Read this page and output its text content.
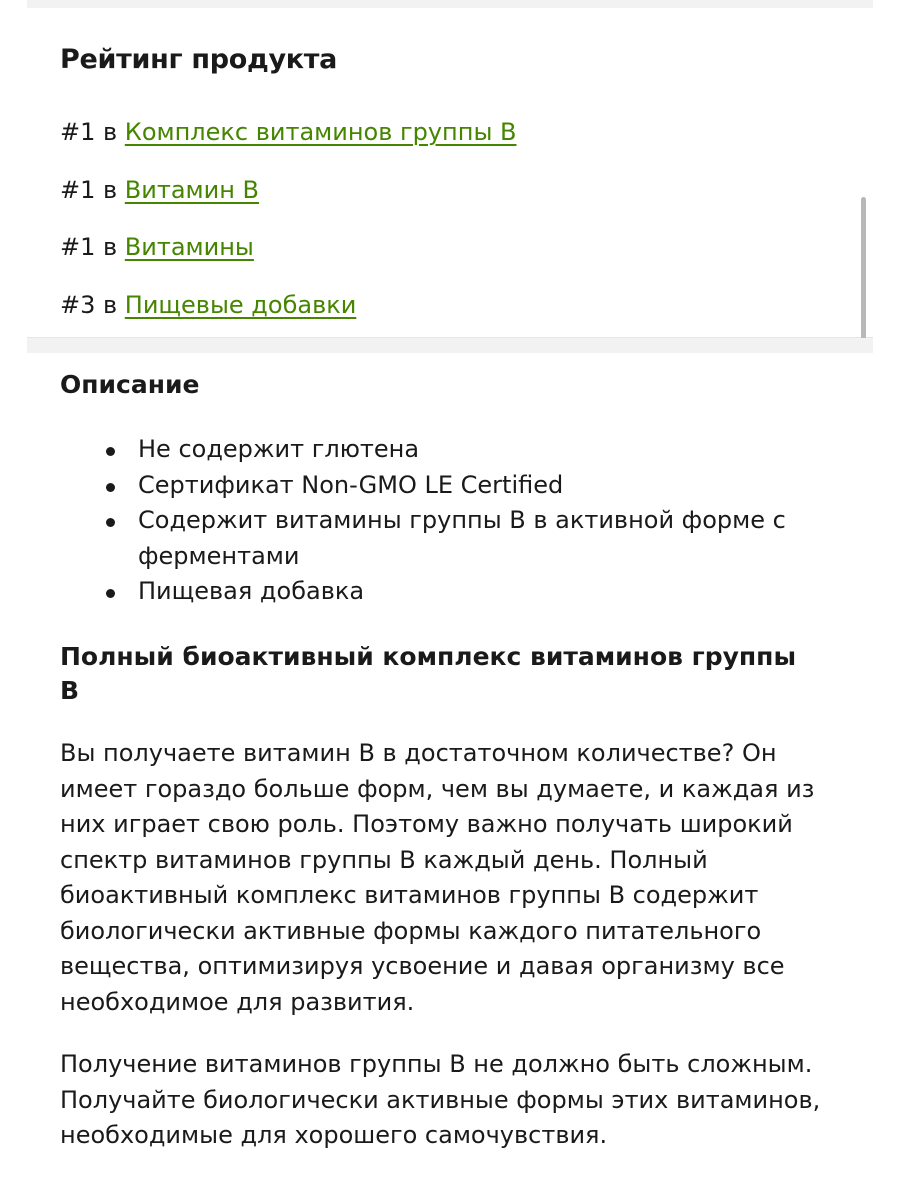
Рейтинг продукта
#1 в Комплекс витаминов группы B
#1 в Витамин B
#1 в Витамины
#3 в Пищевые добавки
Описание
Не содержит глютена
Сертификат Non-GMO LE Certified
Содержит витамины группы B в активной форме с ферментами
Пищевая добавка
Полный биоактивный комплекс витаминов группы B

Вы получаете витамин B в достаточном количестве? Он имеет гораздо больше форм, чем вы думаете, и каждая из них играет свою роль. Поэтому важно получать широкий спектр витаминов группы B каждый день. Полный биоактивный комплекс витаминов группы B содержит биологически активные формы каждого питательного вещества, оптимизируя усвоение и давая организму все необходимое для развития.

Получение витаминов группы B не должно быть сложным. Получайте биологически активные формы этих витаминов, необходимые для хорошего самочувствия.
